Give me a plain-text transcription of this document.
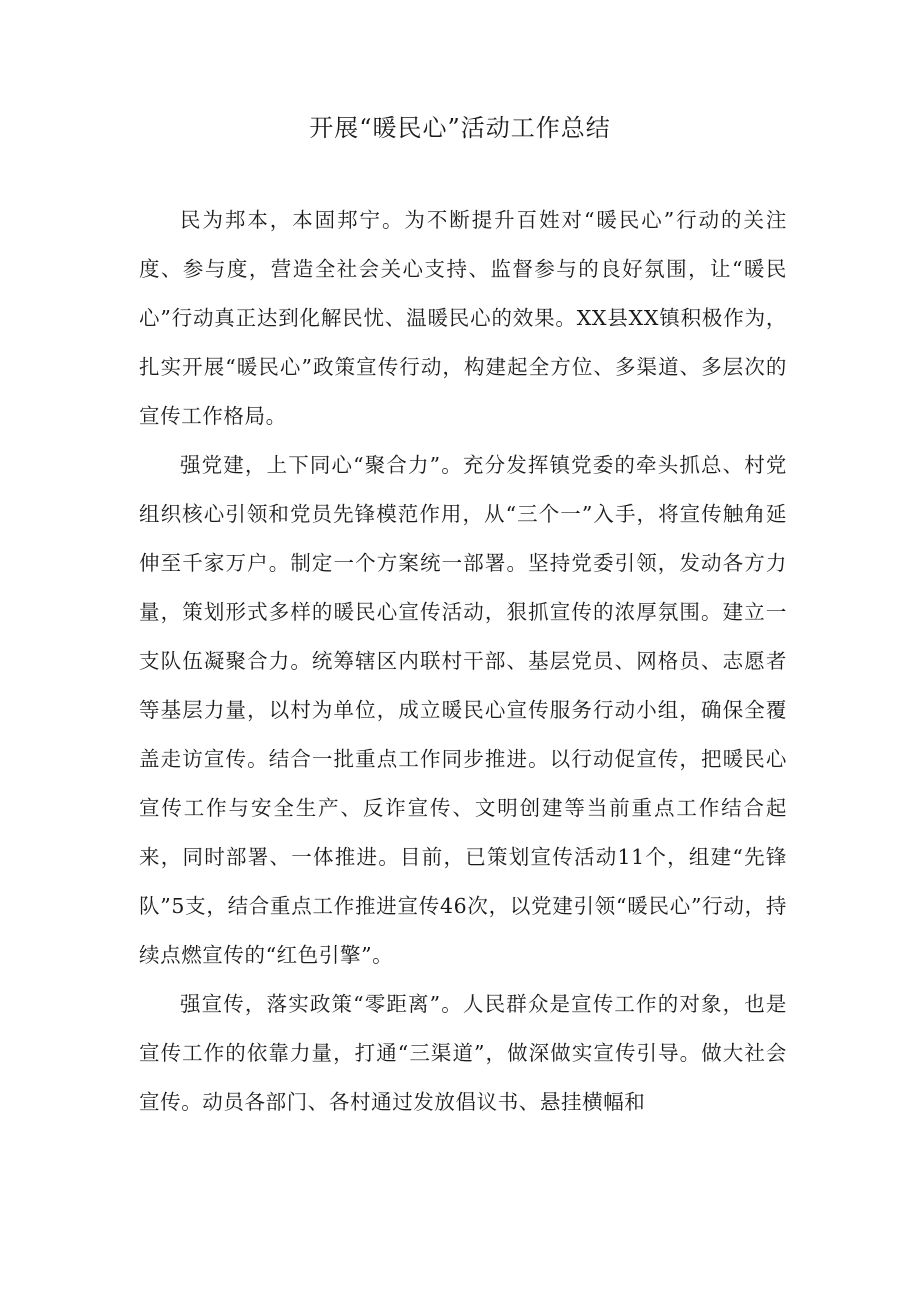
开展“暖民心”活动工作总结

民为邦本，本固邦宁。为不断提升百姓对“暖民心”行动的关注度、参与度，营造全社会关心支持、监督参与的良好氛围，让“暖民心”行动真正达到化解民忧、温暖民心的效果。XX县XX镇积极作为，扎实开展“暖民心”政策宣传行动，构建起全方位、多渠道、多层次的宣传工作格局。

强党建，上下同心“聚合力”。充分发挥镇党委的牵头抓总、村党组织核心引领和党员先锋模范作用，从“三个一”入手，将宣传触角延伸至千家万户。制定一个方案统一部署。坚持党委引领，发动各方力量，策划形式多样的暖民心宣传活动，狠抓宣传的浓厚氛围。建立一支队伍凝聚合力。统筹辖区内联村干部、基层党员、网格员、志愿者等基层力量，以村为单位，成立暖民心宣传服务行动小组，确保全覆盖走访宣传。结合一批重点工作同步推进。以行动促宣传，把暖民心宣传工作与安全生产、反诈宣传、文明创建等当前重点工作结合起来，同时部署、一体推进。目前，已策划宣传活动11个，组建“先锋队”5支，结合重点工作推进宣传46次，以党建引领“暖民心”行动，持续点燃宣传的“红色引擎”。

强宣传，落实政策“零距离”。人民群众是宣传工作的对象，也是宣传工作的依靠力量，打通“三渠道”，做深做实宣传引导。做大社会宣传。动员各部门、各村通过发放倡议书、悬挂横幅和
